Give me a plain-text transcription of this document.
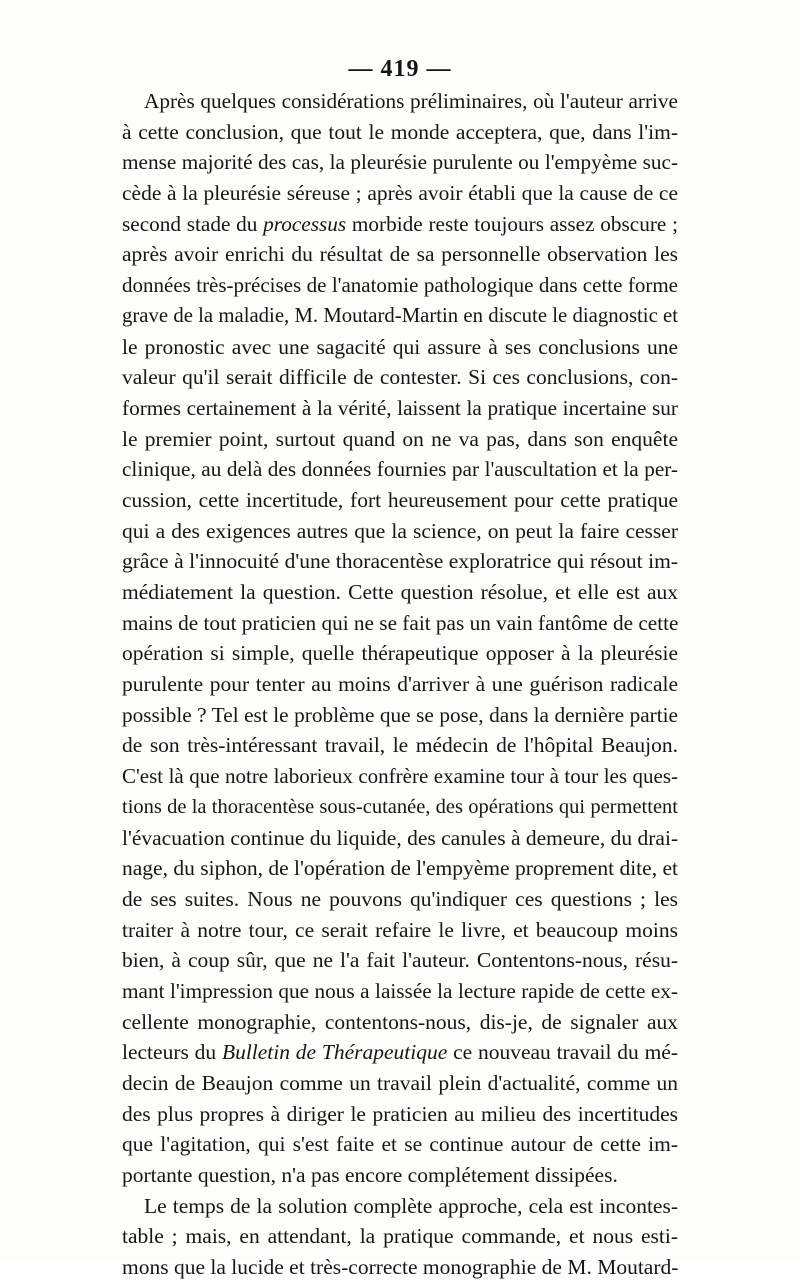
— 419 —
Après quelques considérations préliminaires, où l'auteur arrive
à cette conclusion, que tout le monde acceptera, que, dans l'im-
mense majorité des cas, la pleurésie purulente ou l'empyème suc-
cède à la pleurésie séreuse ; après avoir établi que la cause de ce
second stade du processus morbide reste toujours assez obscure ;
après avoir enrichi du résultat de sa personnelle observation les
données très-précises de l'anatomie pathologique dans cette forme
grave de la maladie, M. Moutard-Martin en discute le diagnostic et
le pronostic avec une sagacité qui assure à ses conclusions une
valeur qu'il serait difficile de contester. Si ces conclusions, con-
formes certainement à la vérité, laissent la pratique incertaine sur
le premier point, surtout quand on ne va pas, dans son enquête
clinique, au delà des données fournies par l'auscultation et la per-
cussion, cette incertitude, fort heureusement pour cette pratique
qui a des exigences autres que la science, on peut la faire cesser
grâce à l'innocuité d'une thoracentèse exploratrice qui résout im-
médiatement la question. Cette question résolue, et elle est aux
mains de tout praticien qui ne se fait pas un vain fantôme de cette
opération si simple, quelle thérapeutique opposer à la pleurésie
purulente pour tenter au moins d'arriver à une guérison radicale
possible ? Tel est le problème que se pose, dans la dernière partie
de son très-intéressant travail, le médecin de l'hôpital Beaujon.
C'est là que notre laborieux confrère examine tour à tour les ques-
tions de la thoracentèse sous-cutanée, des opérations qui permettent
l'évacuation continue du liquide, des canules à demeure, du drai-
nage, du siphon, de l'opération de l'empyème proprement dite, et
de ses suites. Nous ne pouvons qu'indiquer ces questions ; les
traiter à notre tour, ce serait refaire le livre, et beaucoup moins
bien, à coup sûr, que ne l'a fait l'auteur. Contentons-nous, résu-
mant l'impression que nous a laissée la lecture rapide de cette ex-
cellente monographie, contentons-nous, dis-je, de signaler aux
lecteurs du Bulletin de Thérapeutique ce nouveau travail du mé-
decin de Beaujon comme un travail plein d'actualité, comme un
des plus propres à diriger le praticien au milieu des incertitudes
que l'agitation, qui s'est faite et se continue autour de cette im-
portante question, n'a pas encore complétement dissipées.
Le temps de la solution complète approche, cela est incontes-
table ; mais, en attendant, la pratique commande, et nous esti-
mons que la lucide et très-correcte monographie de M. Moutard-
